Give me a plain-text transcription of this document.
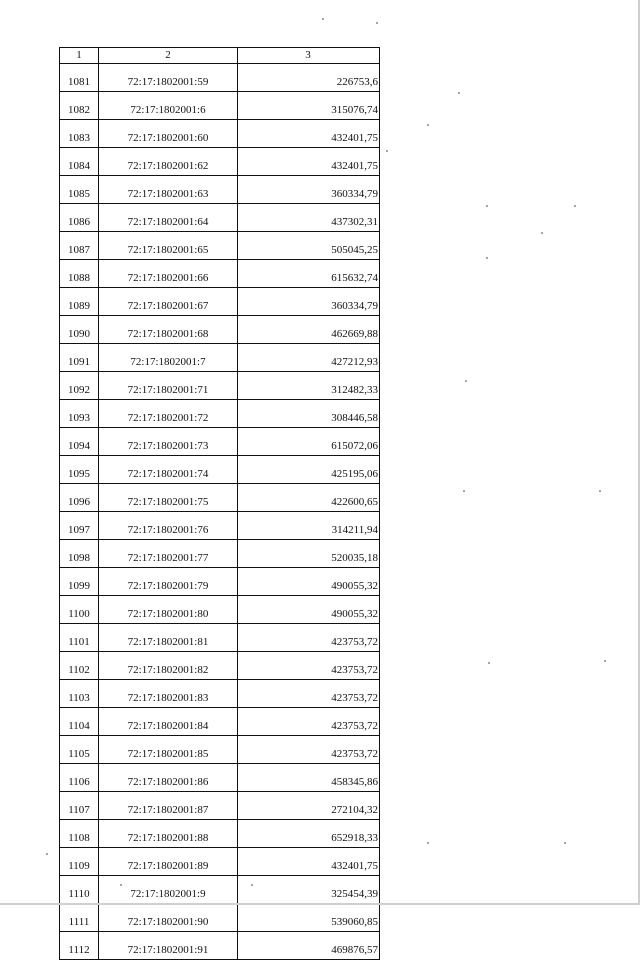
1	2	3
1081	72:17:1802001:59	226753,6
1082	72:17:1802001:6	315076,74
1083	72:17:1802001:60	432401,75
1084	72:17:1802001:62	432401,75
1085	72:17:1802001:63	360334,79
1086	72:17:1802001:64	437302,31
1087	72:17:1802001:65	505045,25
1088	72:17:1802001:66	615632,74
1089	72:17:1802001:67	360334,79
1090	72:17:1802001:68	462669,88
1091	72:17:1802001:7	427212,93
1092	72:17:1802001:71	312482,33
1093	72:17:1802001:72	308446,58
1094	72:17:1802001:73	615072,06
1095	72:17:1802001:74	425195,06
1096	72:17:1802001:75	422600,65
1097	72:17:1802001:76	314211,94
1098	72:17:1802001:77	520035,18
1099	72:17:1802001:79	490055,32
1100	72:17:1802001:80	490055,32
1101	72:17:1802001:81	423753,72
1102	72:17:1802001:82	423753,72
1103	72:17:1802001:83	423753,72
1104	72:17:1802001:84	423753,72
1105	72:17:1802001:85	423753,72
1106	72:17:1802001:86	458345,86
1107	72:17:1802001:87	272104,32
1108	72:17:1802001:88	652918,33
1109	72:17:1802001:89	432401,75
1110	72:17:1802001:9	325454,39
1111	72:17:1802001:90	539060,85
1112	72:17:1802001:91	469876,57
